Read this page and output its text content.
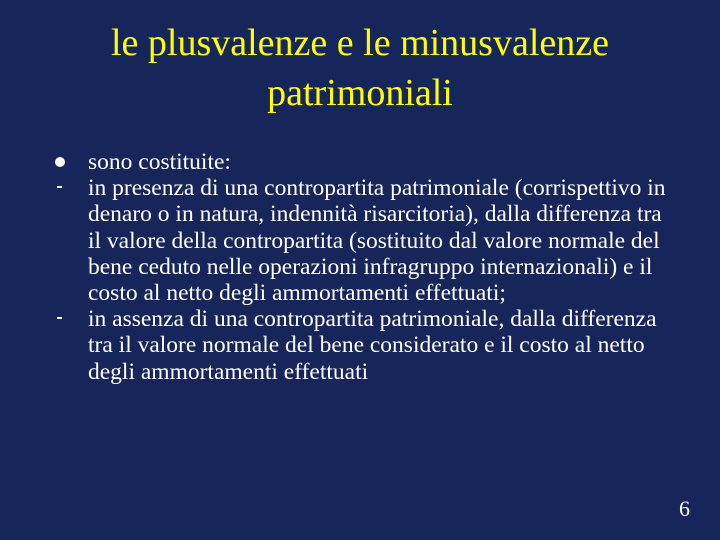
le plusvalenze e le minusvalenze
patrimoniali
sono costituite:
in presenza di una contropartita patrimoniale (corrispettivo in denaro o in natura, indennità risarcitoria), dalla differenza tra il valore della contropartita (sostituito dal valore normale del bene ceduto nelle operazioni infragruppo internazionali) e il costo al netto degli ammortamenti effettuati;
in assenza di una contropartita patrimoniale, dalla differenza tra il valore normale del bene considerato e il costo al netto degli ammortamenti effettuati
6
